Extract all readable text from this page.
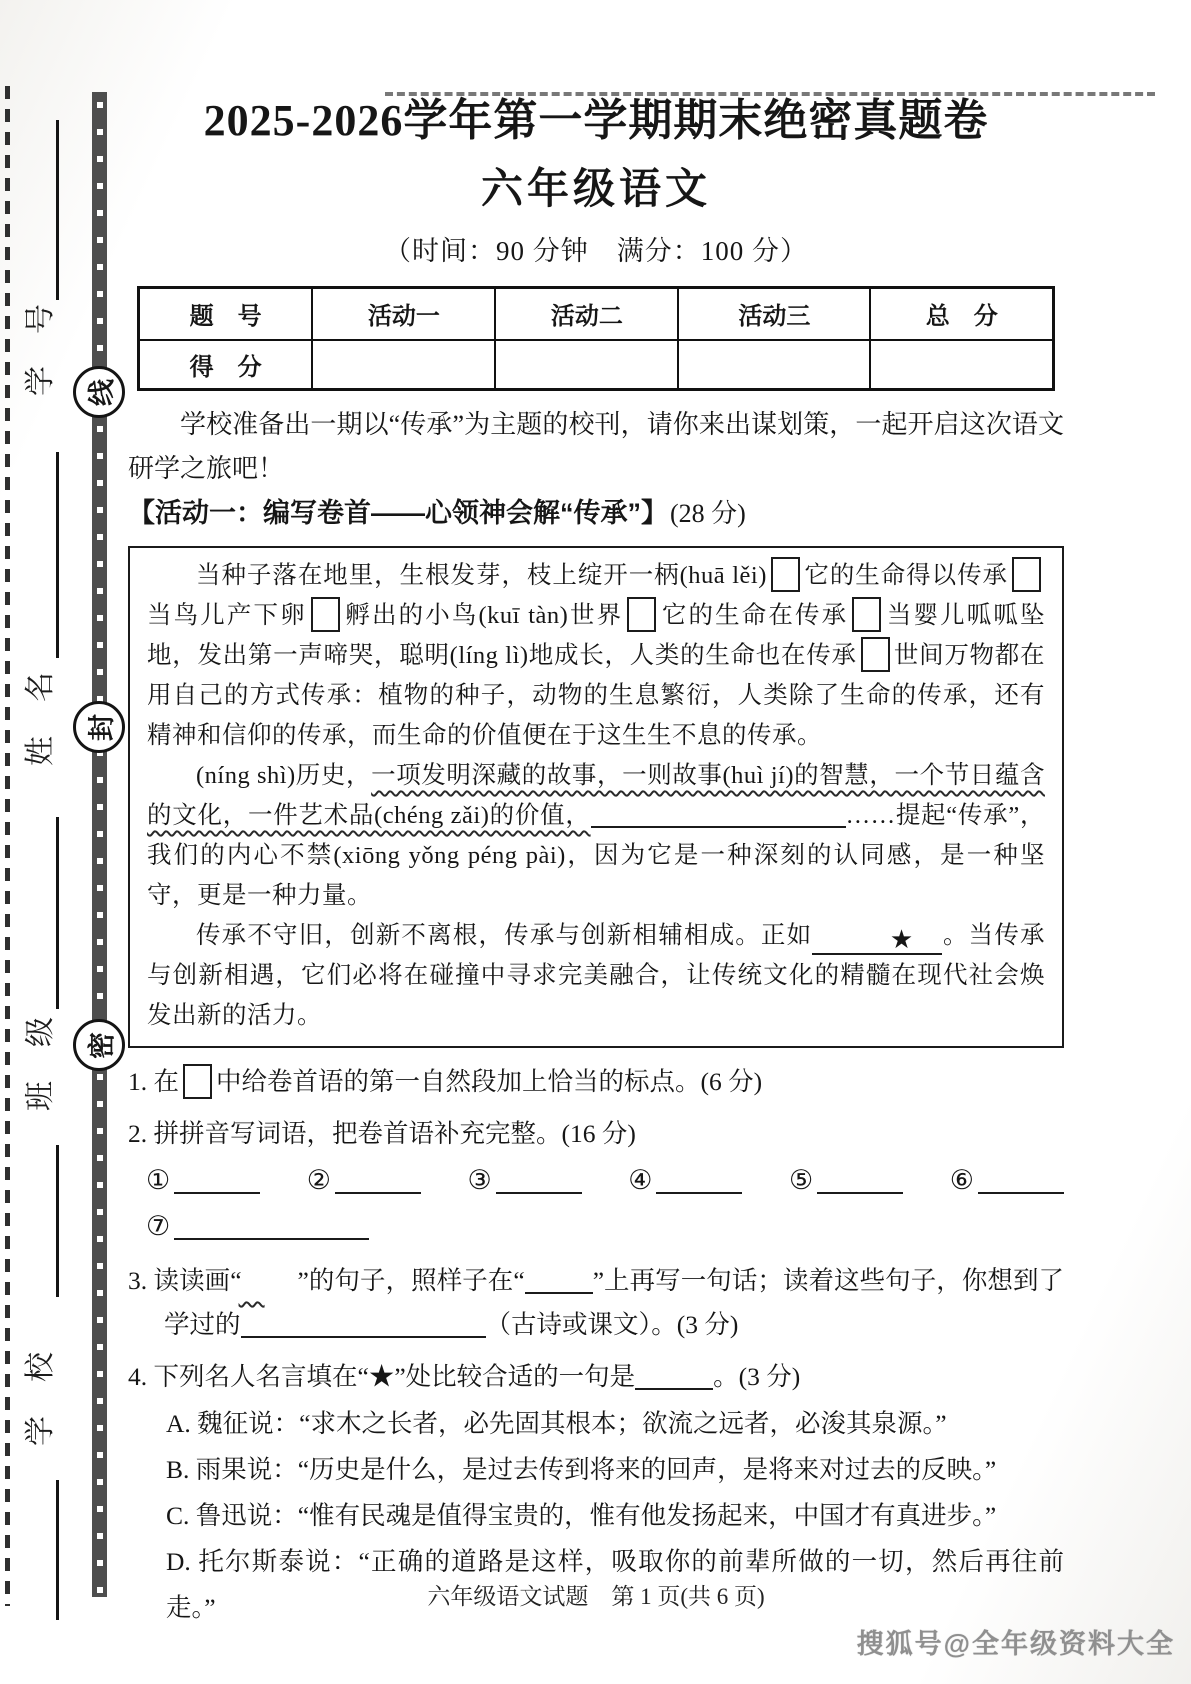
号
学
名
姓
级
班
校
学
线
封
密
2025-2026学年第一学期期末绝密真题卷
六年级语文
（时间：90 分钟　满分：100 分）
题　号	活动一	活动二	活动三	总　分
得　分				

学校准备出一期以“传承”为主题的校刊，请你来出谋划策，一起开启这次语文研学之旅吧！

【活动一：编写卷首——心领神会解“传承”】(28 分)

当种子落在地里，生根发芽，枝上绽开一柄(huā lěi) 它的生命得以传承当鸟儿产下卵 孵出的小鸟(kuī tàn)世界 它的生命在传承 当婴儿呱呱坠地，发出第一声啼哭，聪明(líng lì)地成长，人类的生命也在传承 世间万物都在用自己的方式传承：植物的种子，动物的生息繁衍，人类除了生命的传承，还有精神和信仰的传承，而生命的价值便在于这生生不息的传承。

(níng shì)历史，一项发明深藏的故事，一则故事(huì jí)的智慧，一个节日蕴含的文化，一件艺术品(chéng zǎi)的价值，	……提起“传承”，我们的内心不禁(xiōng yǒng péng pài)，因为它是一种深刻的认同感，是一种坚守，更是一种力量。

传承不守旧，创新不离根，传承与创新相辅相成。正如	★ 。当传承与创新相遇，它们必将在碰撞中寻求完美融合，让传统文化的精髓在现代社会焕发出新的活力。

1. 在 中给卷首语的第一自然段加上恰当的标点。(6 分)
2. 拼拼音写词语，把卷首语补充完整。(16 分)
①	②	③	④	⑤	⑥
⑦
3. 读读画“ ”的句子，照样子在“	”上再写一句话；读着这些句子，你想到了学过的	（古诗或课文）。(3 分)
4. 下列名人名言填在“★”处比较合适的一句是	。(3 分)
A. 魏征说：“求木之长者，必先固其根本；欲流之远者，必浚其泉源。”
B. 雨果说：“历史是什么，是过去传到将来的回声，是将来对过去的反映。”
C. 鲁迅说：“惟有民魂是值得宝贵的，惟有他发扬起来，中国才有真进步。”
D. 托尔斯泰说：“正确的道路是这样，吸取你的前辈所做的一切，然后再往前走。”	六年级语文试题　第 1 页(共 6 页)
搜狐号@全年级资料大全
